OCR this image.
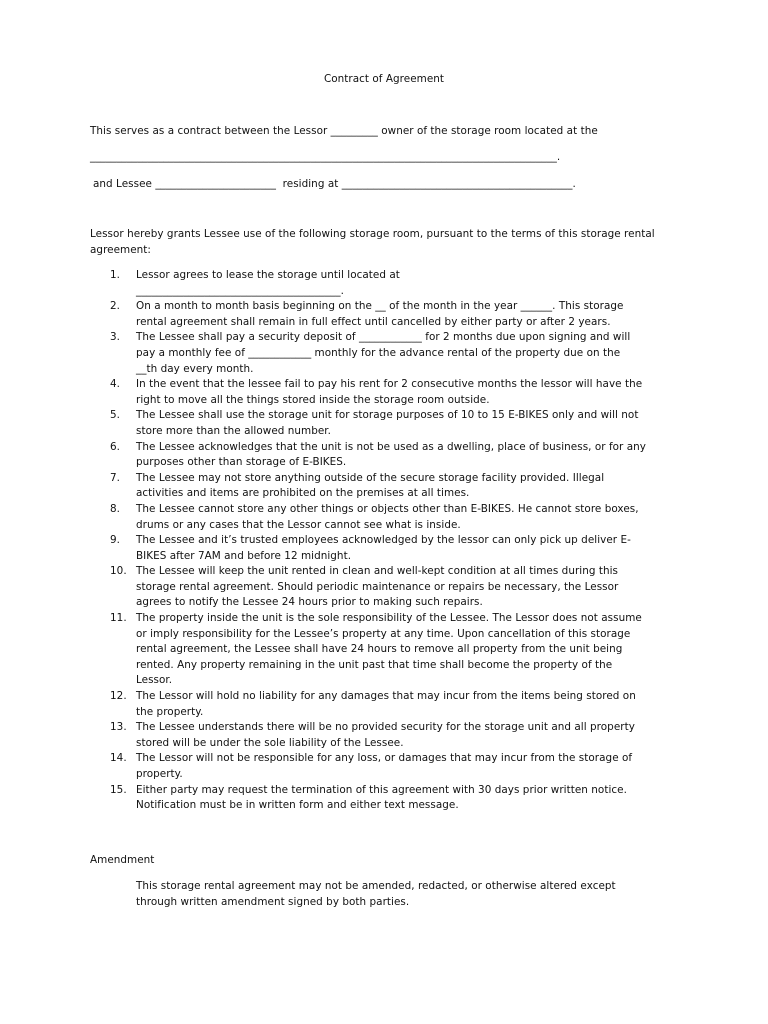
Contract of Agreement
This serves as a contract between the Lessor _________ owner of the storage room located at the
_________________________________________________________________________________________.
and Lessee _______________________  residing at ____________________________________________.
Lessor hereby grants Lessee use of the following storage room, pursuant to the terms of this storage rental agreement:
1.	Lessor agrees to lease the storage until located at
_______________________________________.
2.	On a month to month basis beginning on the __ of the month in the year ______. This storage
rental agreement shall remain in full effect until cancelled by either party or after 2 years.
3.	The Lessee shall pay a security deposit of ____________ for 2 months due upon signing and will
pay a monthly fee of ____________ monthly for the advance rental of the property due on the
__th day every month.
4.	In the event that the lessee fail to pay his rent for 2 consecutive months the lessor will have the
right to move all the things stored inside the storage room outside.
5.	The Lessee shall use the storage unit for storage purposes of 10 to 15 E-BIKES only and will not
store more than the allowed number.
6.	The Lessee acknowledges that the unit is not be used as a dwelling, place of business, or for any
purposes other than storage of E-BIKES.
7.	The Lessee may not store anything outside of the secure storage facility provided. Illegal
activities and items are prohibited on the premises at all times.
8.	The Lessee cannot store any other things or objects other than E-BIKES. He cannot store boxes,
drums or any cases that the Lessor cannot see what is inside.
9.	The Lessee and it’s trusted employees acknowledged by the lessor can only pick up deliver E-
BIKES after 7AM and before 12 midnight.
10. The Lessee will keep the unit rented in clean and well-kept condition at all times during this
storage rental agreement. Should periodic maintenance or repairs be necessary, the Lessor
agrees to notify the Lessee 24 hours prior to making such repairs.
11. The property inside the unit is the sole responsibility of the Lessee. The Lessor does not assume
or imply responsibility for the Lessee’s property at any time. Upon cancellation of this storage
rental agreement, the Lessee shall have 24 hours to remove all property from the unit being
rented. Any property remaining in the unit past that time shall become the property of the
Lessor.
12. The Lessor will hold no liability for any damages that may incur from the items being stored on
the property.
13. The Lessee understands there will be no provided security for the storage unit and all property
stored will be under the sole liability of the Lessee.
14. The Lessor will not be responsible for any loss, or damages that may incur from the storage of
property.
15. Either party may request the termination of this agreement with 30 days prior written notice.
Notification must be in written form and either text message.
Amendment
This storage rental agreement may not be amended, redacted, or otherwise altered except
through written amendment signed by both parties.
